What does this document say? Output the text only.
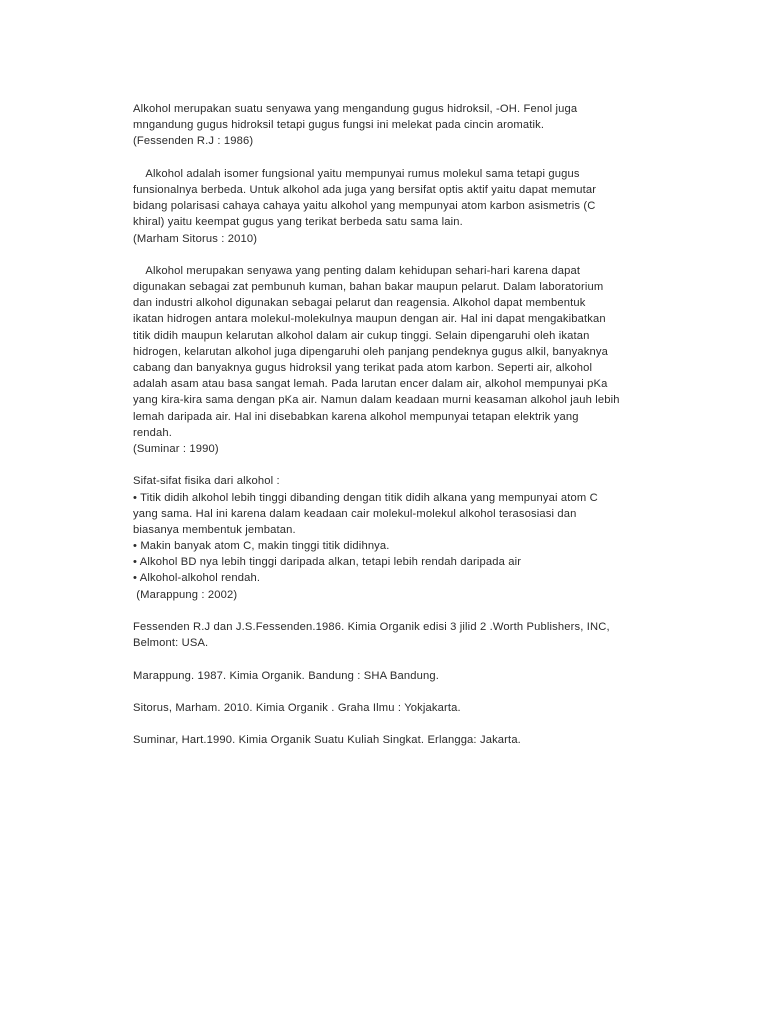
Alkohol merupakan suatu senyawa yang mengandung gugus hidroksil, -OH. Fenol juga
mngandung gugus hidroksil tetapi gugus fungsi ini melekat pada cincin aromatik.
(Fessenden R.J : 1986)
Alkohol adalah isomer fungsional yaitu mempunyai rumus molekul sama tetapi gugus
funsionalnya berbeda. Untuk alkohol ada juga yang bersifat optis aktif yaitu dapat memutar
bidang polarisasi cahaya cahaya yaitu alkohol yang mempunyai atom karbon asismetris (C
khiral) yaitu keempat gugus yang terikat berbeda satu sama lain.
(Marham Sitorus : 2010)
Alkohol merupakan senyawa yang penting dalam kehidupan sehari-hari karena dapat
digunakan sebagai zat pembunuh kuman, bahan bakar maupun pelarut. Dalam laboratorium
dan industri alkohol digunakan sebagai pelarut dan reagensia. Alkohol dapat membentuk
ikatan hidrogen antara molekul-molekulnya maupun dengan air. Hal ini dapat mengakibatkan
titik didih maupun kelarutan alkohol dalam air cukup tinggi. Selain dipengaruhi oleh ikatan
hidrogen, kelarutan alkohol juga dipengaruhi oleh panjang pendeknya gugus alkil, banyaknya
cabang dan banyaknya gugus hidroksil yang terikat pada atom karbon. Seperti air, alkohol
adalah asam atau basa sangat lemah. Pada larutan encer dalam air, alkohol mempunyai pKa
yang kira-kira sama dengan pKa air. Namun dalam keadaan murni keasaman alkohol jauh lebih
lemah daripada air. Hal ini disebabkan karena alkohol mempunyai tetapan elektrik yang
rendah.
(Suminar : 1990)
Sifat-sifat fisika dari alkohol :
• Titik didih alkohol lebih tinggi dibanding dengan titik didih alkana yang mempunyai atom C
yang sama. Hal ini karena dalam keadaan cair molekul-molekul alkohol terasosiasi dan
biasanya membentuk jembatan.
• Makin banyak atom C, makin tinggi titik didihnya.
• Alkohol BD nya lebih tinggi daripada alkan, tetapi lebih rendah daripada air
• Alkohol-alkohol rendah.
(Marappung : 2002)
Fessenden R.J dan J.S.Fessenden.1986. Kimia Organik edisi 3 jilid 2 .Worth Publishers, INC,
Belmont: USA.
Marappung. 1987. Kimia Organik. Bandung : SHA Bandung.
Sitorus, Marham. 2010. Kimia Organik . Graha Ilmu : Yokjakarta.
Suminar, Hart.1990. Kimia Organik Suatu Kuliah Singkat. Erlangga: Jakarta.
